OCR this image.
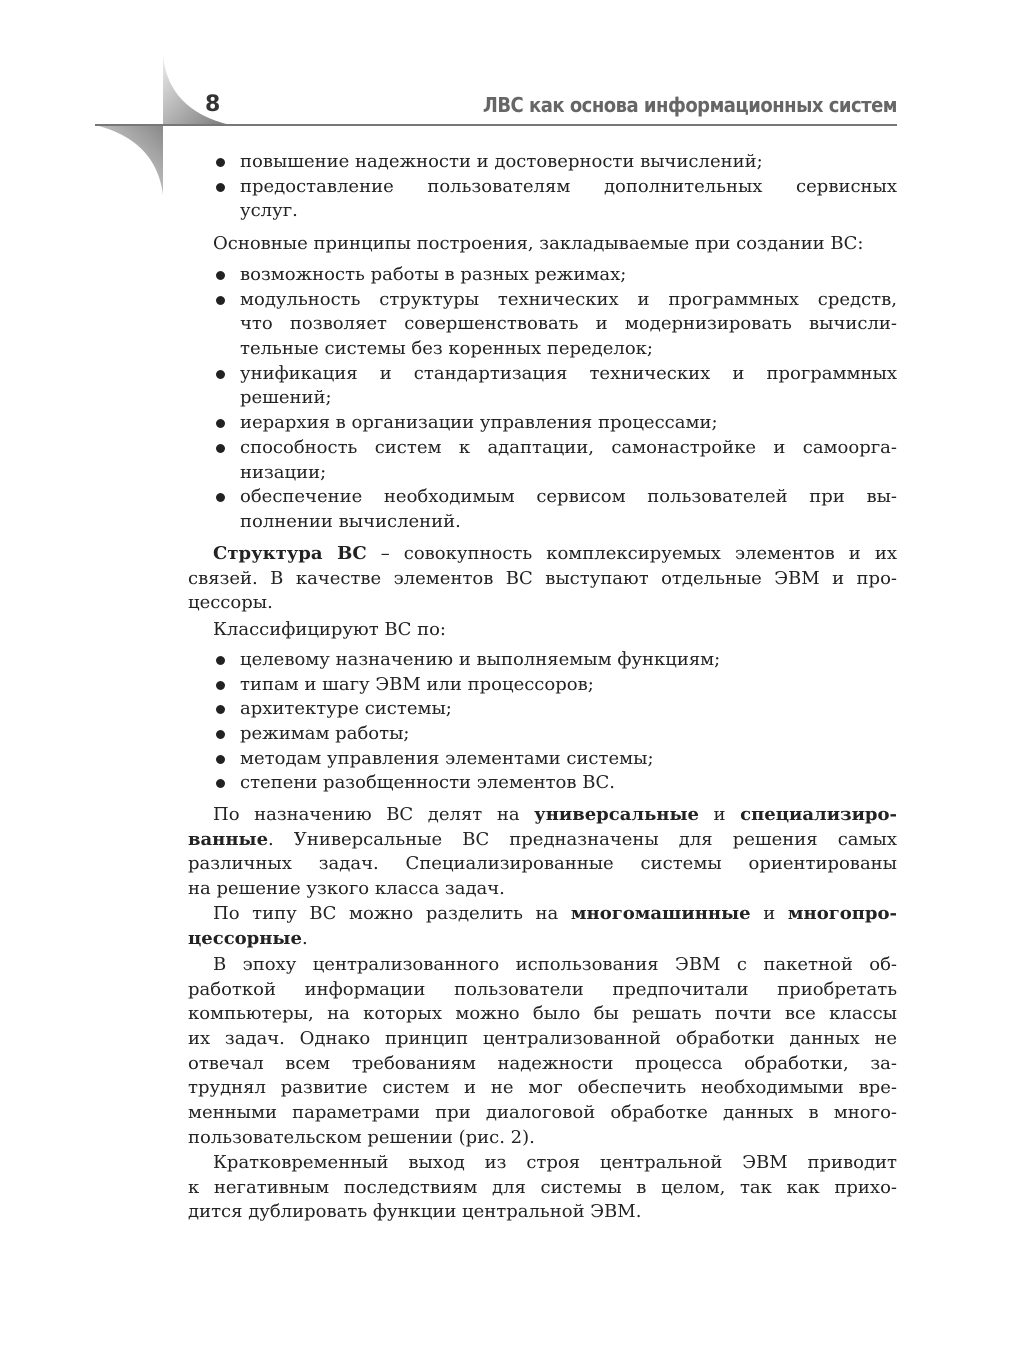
8	ЛВС как основа информационных систем
повышение надежности и достоверности вычислений;
предоставление пользователям дополнительных сервисных
услуг.
Основные принципы построения, закладываемые при создании ВС:
возможность работы в разных режимах;
модульность структуры технических и программных средств,
что позволяет совершенствовать и модернизировать вычисли-
тельные системы без коренных переделок;
унификация и стандартизация технических и программных
решений;
иерархия в организации управления процессами;
способность систем к адаптации, самонастройке и самоорга-
низации;
обеспечение необходимым сервисом пользователей при вы-
полнении вычислений.
Структура ВС – совокупность комплексируемых элементов и их
связей. В качестве элементов ВС выступают отдельные ЭВМ и про-
цессоры.
Классифицируют ВС по:
целевому назначению и выполняемым функциям;
типам и шагу ЭВМ или процессоров;
архитектуре системы;
режимам работы;
методам управления элементами системы;
степени разобщенности элементов ВС.
По назначению ВС делят на универсальные и специализиро-
ванные. Универсальные ВС предназначены для решения самых
различных задач. Специализированные системы ориентированы
на решение узкого класса задач.
По типу ВС можно разделить на многомашинные и многопро-
цессорные.
В эпоху централизованного использования ЭВМ с пакетной об-
работкой информации пользователи предпочитали приобретать
компьютеры, на которых можно было бы решать почти все классы
их задач. Однако принцип централизованной обработки данных не
отвечал всем требованиям надежности процесса обработки, за-
труднял развитие систем и не мог обеспечить необходимыми вре-
менными параметрами при диалоговой обработке данных в много-
пользовательском решении (рис. 2).
Кратковременный выход из строя центральной ЭВМ приводит
к негативным последствиям для системы в целом, так как прихо-
дится дублировать функции центральной ЭВМ.
